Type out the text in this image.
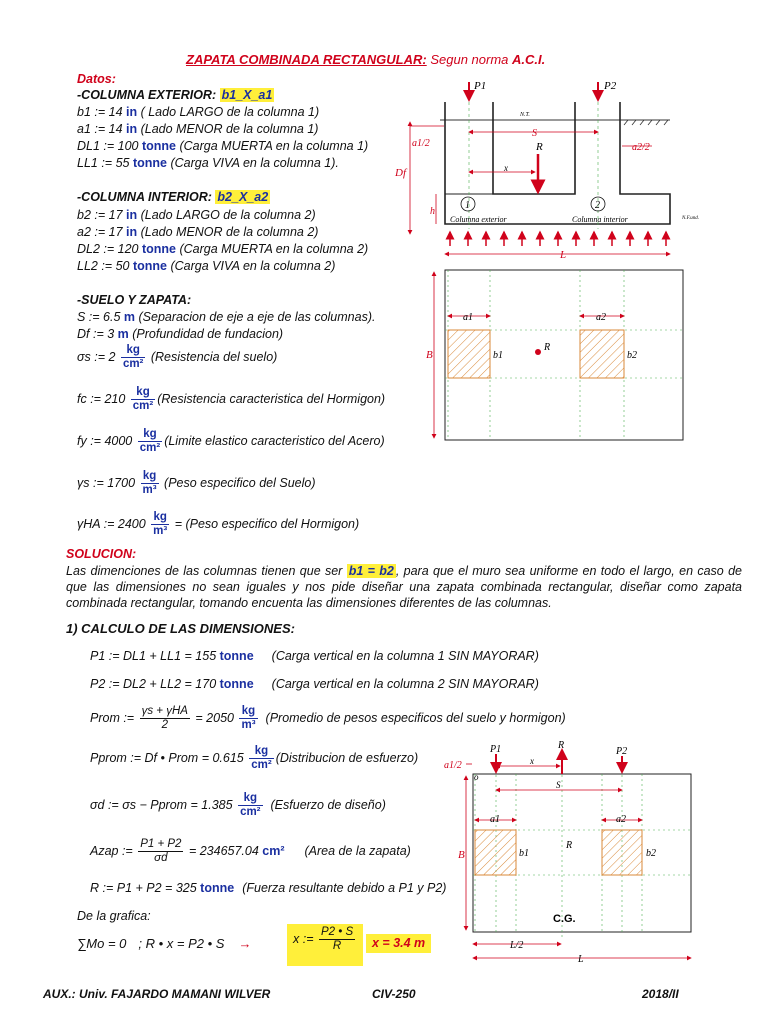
ZAPATA COMBINADA RECTANGULAR: Segun norma A.C.I.
Datos:
-COLUMNA EXTERIOR: b1_X_a1
b1 := 14 in ( Lado LARGO de la columna 1)
a1 := 14 in (Lado MENOR de la columna 1)
DL1 := 100 tonne (Carga MUERTA en la columna 1)
LL1 := 55 tonne (Carga VIVA en la columna 1).
-COLUMNA INTERIOR: b2_X_a2
b2 := 17 in (Lado LARGO de la columna 2)
a2 := 17 in (Lado MENOR de la columna 2)
DL2 := 120 tonne (Carga MUERTA en la columna 2)
LL2 := 50 tonne (Carga VIVA en la columna 2)
-SUELO Y ZAPATA:
S := 6.5 m (Separacion de eje a eje de las columnas).
Df := 3 m (Profundidad de fundacion)
σs := $2 \frac{kg}{\text{cm²}}$ (Resistencia del suelo)
fc := $210 \frac{kg}{\text{cm²}}$ (Resistencia caracteristica del Hormigon)
fy := $4000 \frac{kg}{\text{cm²}}$ (Limite elastico caracteristico del Acero)
γs := $1700 \frac{kg}{\text{m³}}$ (Peso especifico del Suelo)
γHA := $2400 \frac{kg}{\text{m³}}$ = (Peso especifico del Hormigon)
SOLUCION:
Las dimenciones de las columnas tienen que ser b1 = b2 , para que el muro sea uniforme en todo el largo, en caso de que las dimensiones no sean iguales y nos pide diseñar una zapata combinada rectangular, diseñar como zapata combinada rectangular, tomando encuenta las dimensiones diferentes de las columnas.
1) CALCULO DE LAS DIMENSIONES:
P1 := DL1 + LL1 = 155 tonne (Carga vertical en la columna 1 SIN MAYORAR)
P2 := DL2 + LL2 = 170 tonne (Carga vertical en la columna 2 SIN MAYORAR)
Prom := $\frac{\text{γs + γHA}}{2} = 2050 \frac{kg}{\text{m³}}$ (Promedio de pesos especificos del suelo y hormigon)
Pprom := Df • Prom = $0.615 \frac{kg}{\text{cm²}}$ (Distribucion de esfuerzo)
σd := σs − Pprom = $1.385 \frac{kg}{\text{cm²}}$ (Esfuerzo de diseño)
Azap := $\frac{P1 + P2}{\sigma d} = 234657.04$ cm² (Area de la zapata)
R := P1 + P2 = 325 tonne (Fuerza resultante debido a P1 y P2)
De la grafica:
∑Mo = 0 ; R • x = P2 • S →	x := $\frac{P2 • S}{R}$	x = 3.4 m
AUX.: Univ. FAJARDO MAMANI WILVER	CIV-250	2018/II
P1	P2
N.T.
S
R
x
a1/2	a2/2
Df
h
1
Columna exterior
2
Columna interior	N.F.und.
L
a1	a2
b1	b2
B
R
a1/2
P1	R
P2
x
o
S
a1	a2
b1	b2
B
R
C.G.
L/2
L
